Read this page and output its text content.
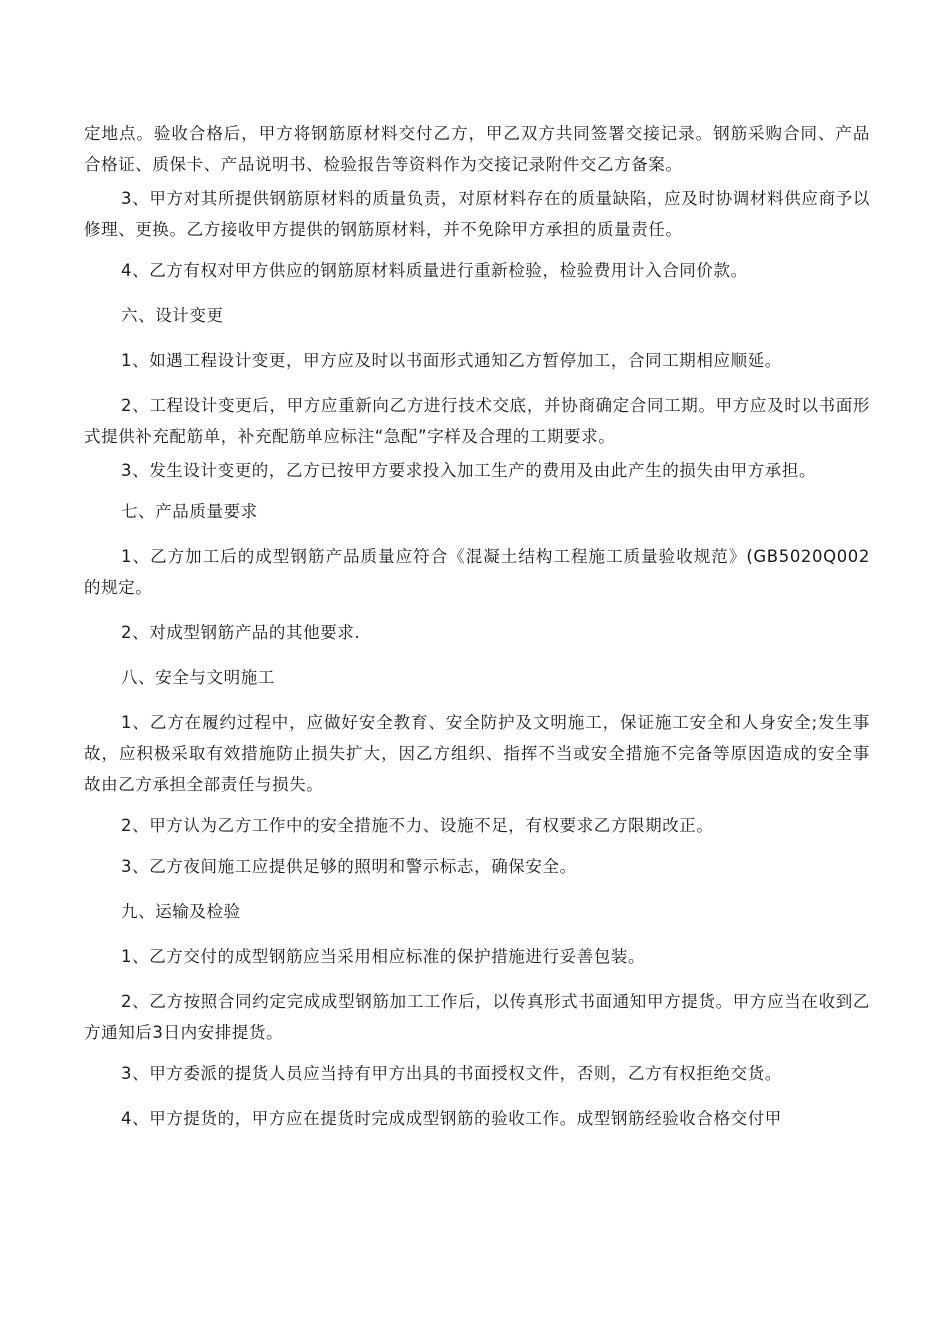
定地点。验收合格后，甲方将钢筋原材料交付乙方，甲乙双方共同签署交接记录。钢筋采购合同、产品合格证、质保卡、产品说明书、检验报告等资料作为交接记录附件交乙方备案。

3、甲方对其所提供钢筋原材料的质量负责，对原材料存在的质量缺陷，应及时协调材料供应商予以修理、更换。乙方接收甲方提供的钢筋原材料，并不免除甲方承担的质量责任。

4、乙方有权对甲方供应的钢筋原材料质量进行重新检验，检验费用计入合同价款。

六、设计变更

1、如遇工程设计变更，甲方应及时以书面形式通知乙方暂停加工，合同工期相应顺延。

2、工程设计变更后，甲方应重新向乙方进行技术交底，并协商确定合同工期。甲方应及时以书面形式提供补充配筋单，补充配筋单应标注“急配”字样及合理的工期要求。

3、发生设计变更的，乙方已按甲方要求投入加工生产的费用及由此产生的损失由甲方承担。

七、产品质量要求

1、乙方加工后的成型钢筋产品质量应符合《混凝土结构工程施工质量验收规范》(GB5020Q002的规定。

2、对成型钢筋产品的其他要求.

八、安全与文明施工

1、乙方在履约过程中，应做好安全教育、安全防护及文明施工，保证施工安全和人身安全;发生事故，应积极采取有效措施防止损失扩大，因乙方组织、指挥不当或安全措施不完备等原因造成的安全事故由乙方承担全部责任与损失。

2、甲方认为乙方工作中的安全措施不力、设施不足，有权要求乙方限期改正。

3、乙方夜间施工应提供足够的照明和警示标志，确保安全。

九、运输及检验

1、乙方交付的成型钢筋应当采用相应标准的保护措施进行妥善包装。

2、乙方按照合同约定完成成型钢筋加工工作后，以传真形式书面通知甲方提货。甲方应当在收到乙方通知后3日内安排提货。

3、甲方委派的提货人员应当持有甲方出具的书面授权文件，否则，乙方有权拒绝交货。

4、甲方提货的，甲方应在提货时完成成型钢筋的验收工作。成型钢筋经验收合格交付甲
